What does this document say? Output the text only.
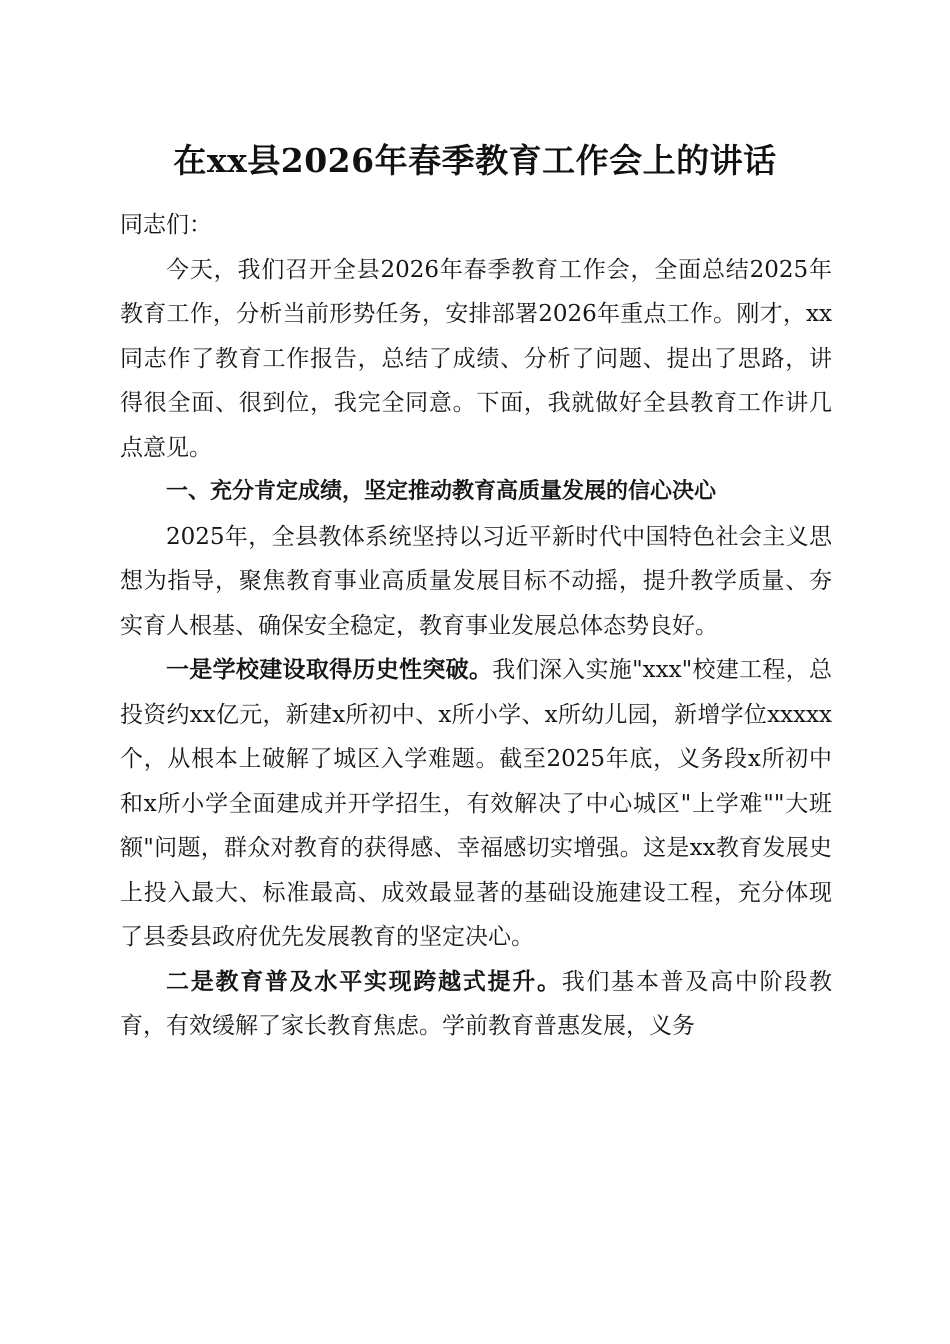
在xx县2026年春季教育工作会上的讲话

同志们：

今天，我们召开全县2026年春季教育工作会，全面总结2025年教育工作，分析当前形势任务，安排部署2026年重点工作。刚才，xx同志作了教育工作报告，总结了成绩、分析了问题、提出了思路，讲得很全面、很到位，我完全同意。下面，我就做好全县教育工作讲几点意见。

一、充分肯定成绩，坚定推动教育高质量发展的信心决心

2025年，全县教体系统坚持以习近平新时代中国特色社会主义思想为指导，聚焦教育事业高质量发展目标不动摇，提升教学质量、夯实育人根基、确保安全稳定，教育事业发展总体态势良好。

一是学校建设取得历史性突破。我们深入实施"xxx"校建工程，总投资约xx亿元，新建x所初中、x所小学、x所幼儿园，新增学位xxxxx个，从根本上破解了城区入学难题。截至2025年底，义务段x所初中和x所小学全面建成并开学招生，有效解决了中心城区"上学难""大班额"问题，群众对教育的获得感、幸福感切实增强。这是xx教育发展史上投入最大、标准最高、成效最显著的基础设施建设工程，充分体现了县委县政府优先发展教育的坚定决心。

二是教育普及水平实现跨越式提升。我们基本普及高中阶段教育，有效缓解了家长教育焦虑。学前教育普惠发展，义务
